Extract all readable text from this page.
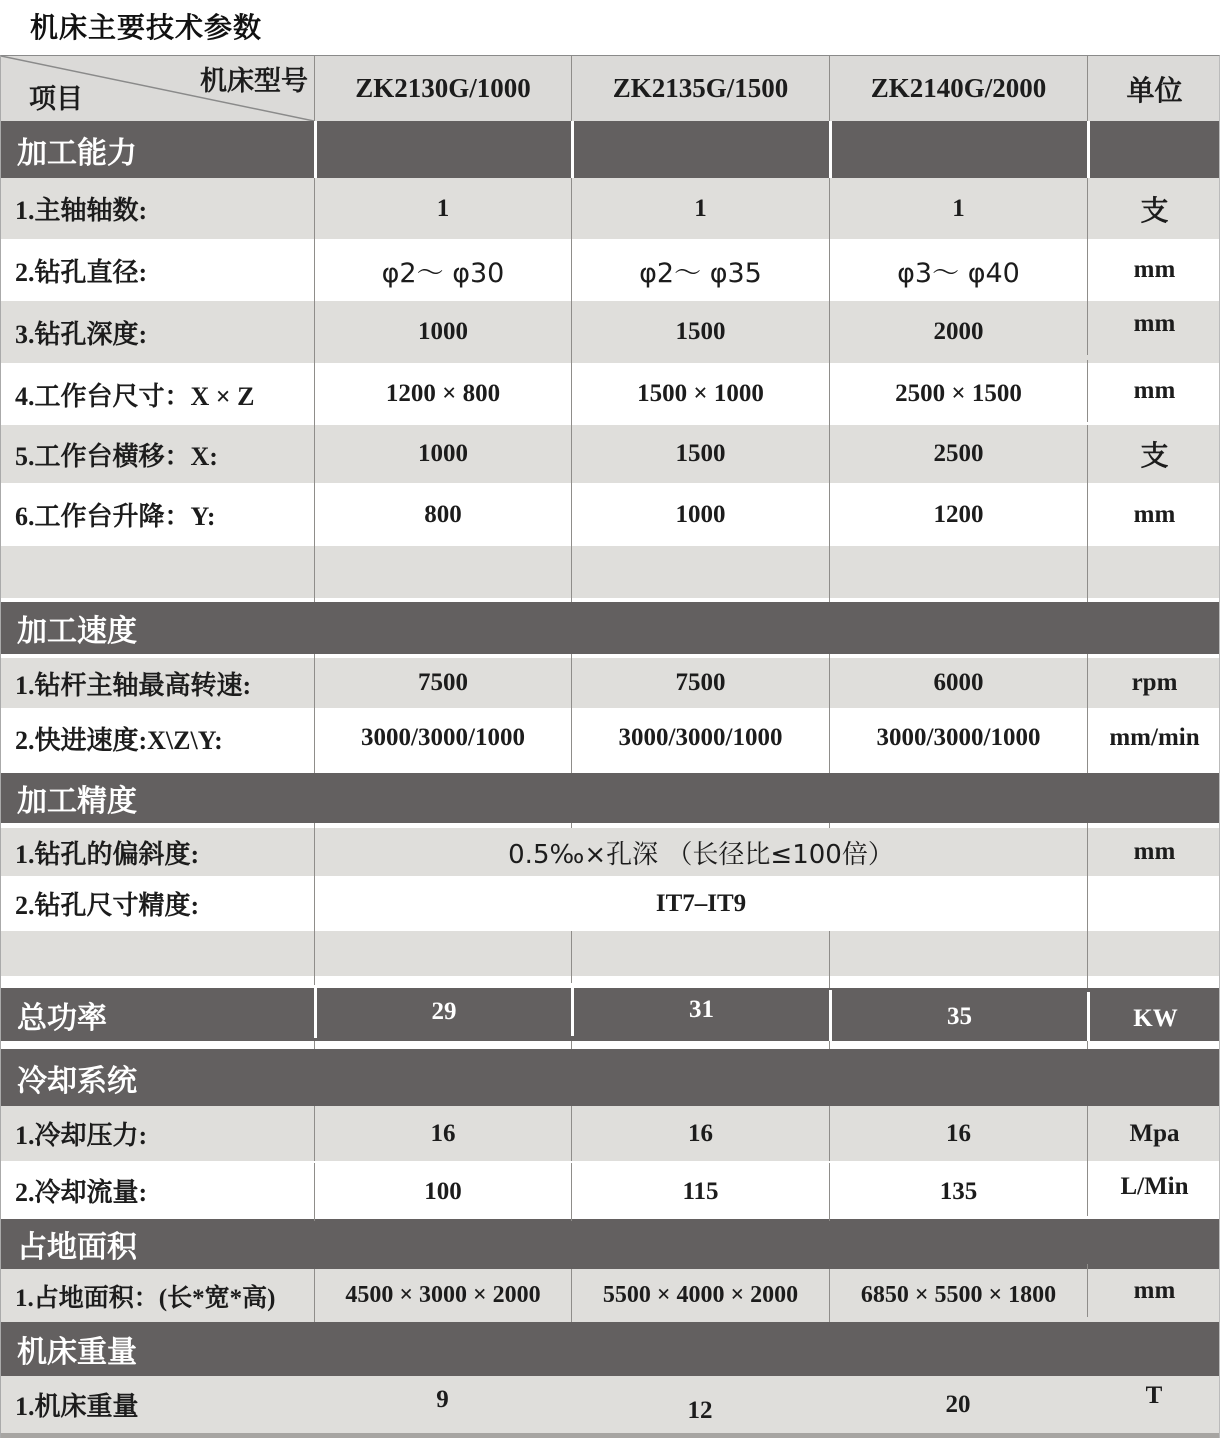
机床主要技术参数
机床型号
项目	ZK2130G/1000	ZK2135G/1500	ZK2140G/2000	单位
加工能力
1.主轴轴数:	1	1	1	支
2.钻孔直径:	φ2～ φ30	φ2～ φ35	φ3～ φ40	mm
3.钻孔深度:	1000	1500	2000	mm
4.工作台尺寸：X × Z	1200 × 800	1500 × 1000	2500 × 1500	mm
5.工作台横移：X:	1000	1500	2500	支
6.工作台升降：Y:	800	1000	1200	mm
加工速度
1.钻杆主轴最高转速:	7500	7500	6000	rpm
2.快进速度:X\Z\Y:	3000/3000/1000	3000/3000/1000	3000/3000/1000	mm/min
加工精度
1.钻孔的偏斜度:	0.5‰×孔深 （长径比≤100倍）	mm
2.钻孔尺寸精度:	IT7–IT9
总功率	29	31	35	KW
冷却系统
1.冷却压力:	16	16	16	Mpa
2.冷却流量:	100	115	135	L/Min
占地面积
1.占地面积：(长*宽*高)	4500 × 3000 × 2000	5500 × 4000 × 2000	6850 × 5500 × 1800	mm
机床重量
1.机床重量	9	12	20	T
